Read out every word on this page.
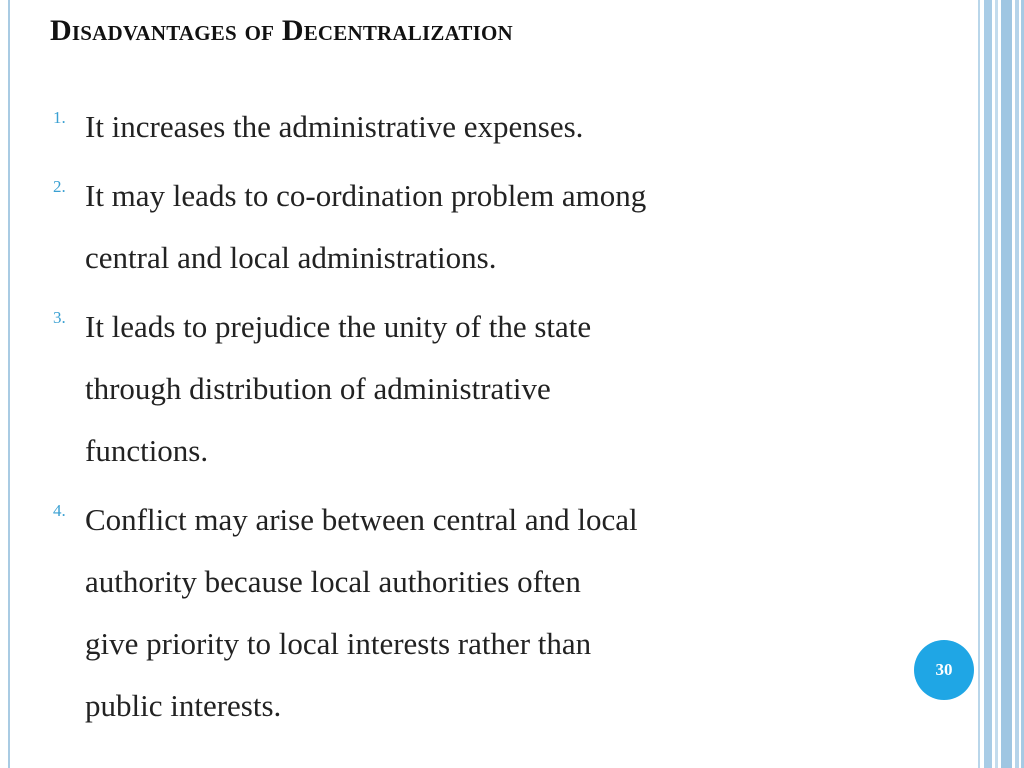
Disadvantages of Decentralization
1. It increases the administrative expenses.
2. It may leads to co-ordination problem among
central and local administrations.
3. It leads to prejudice the unity of the state
through distribution of administrative
functions.
4. Conflict may arise between central and local
authority because local authorities often
give priority to local interests rather than
public interests.
30
